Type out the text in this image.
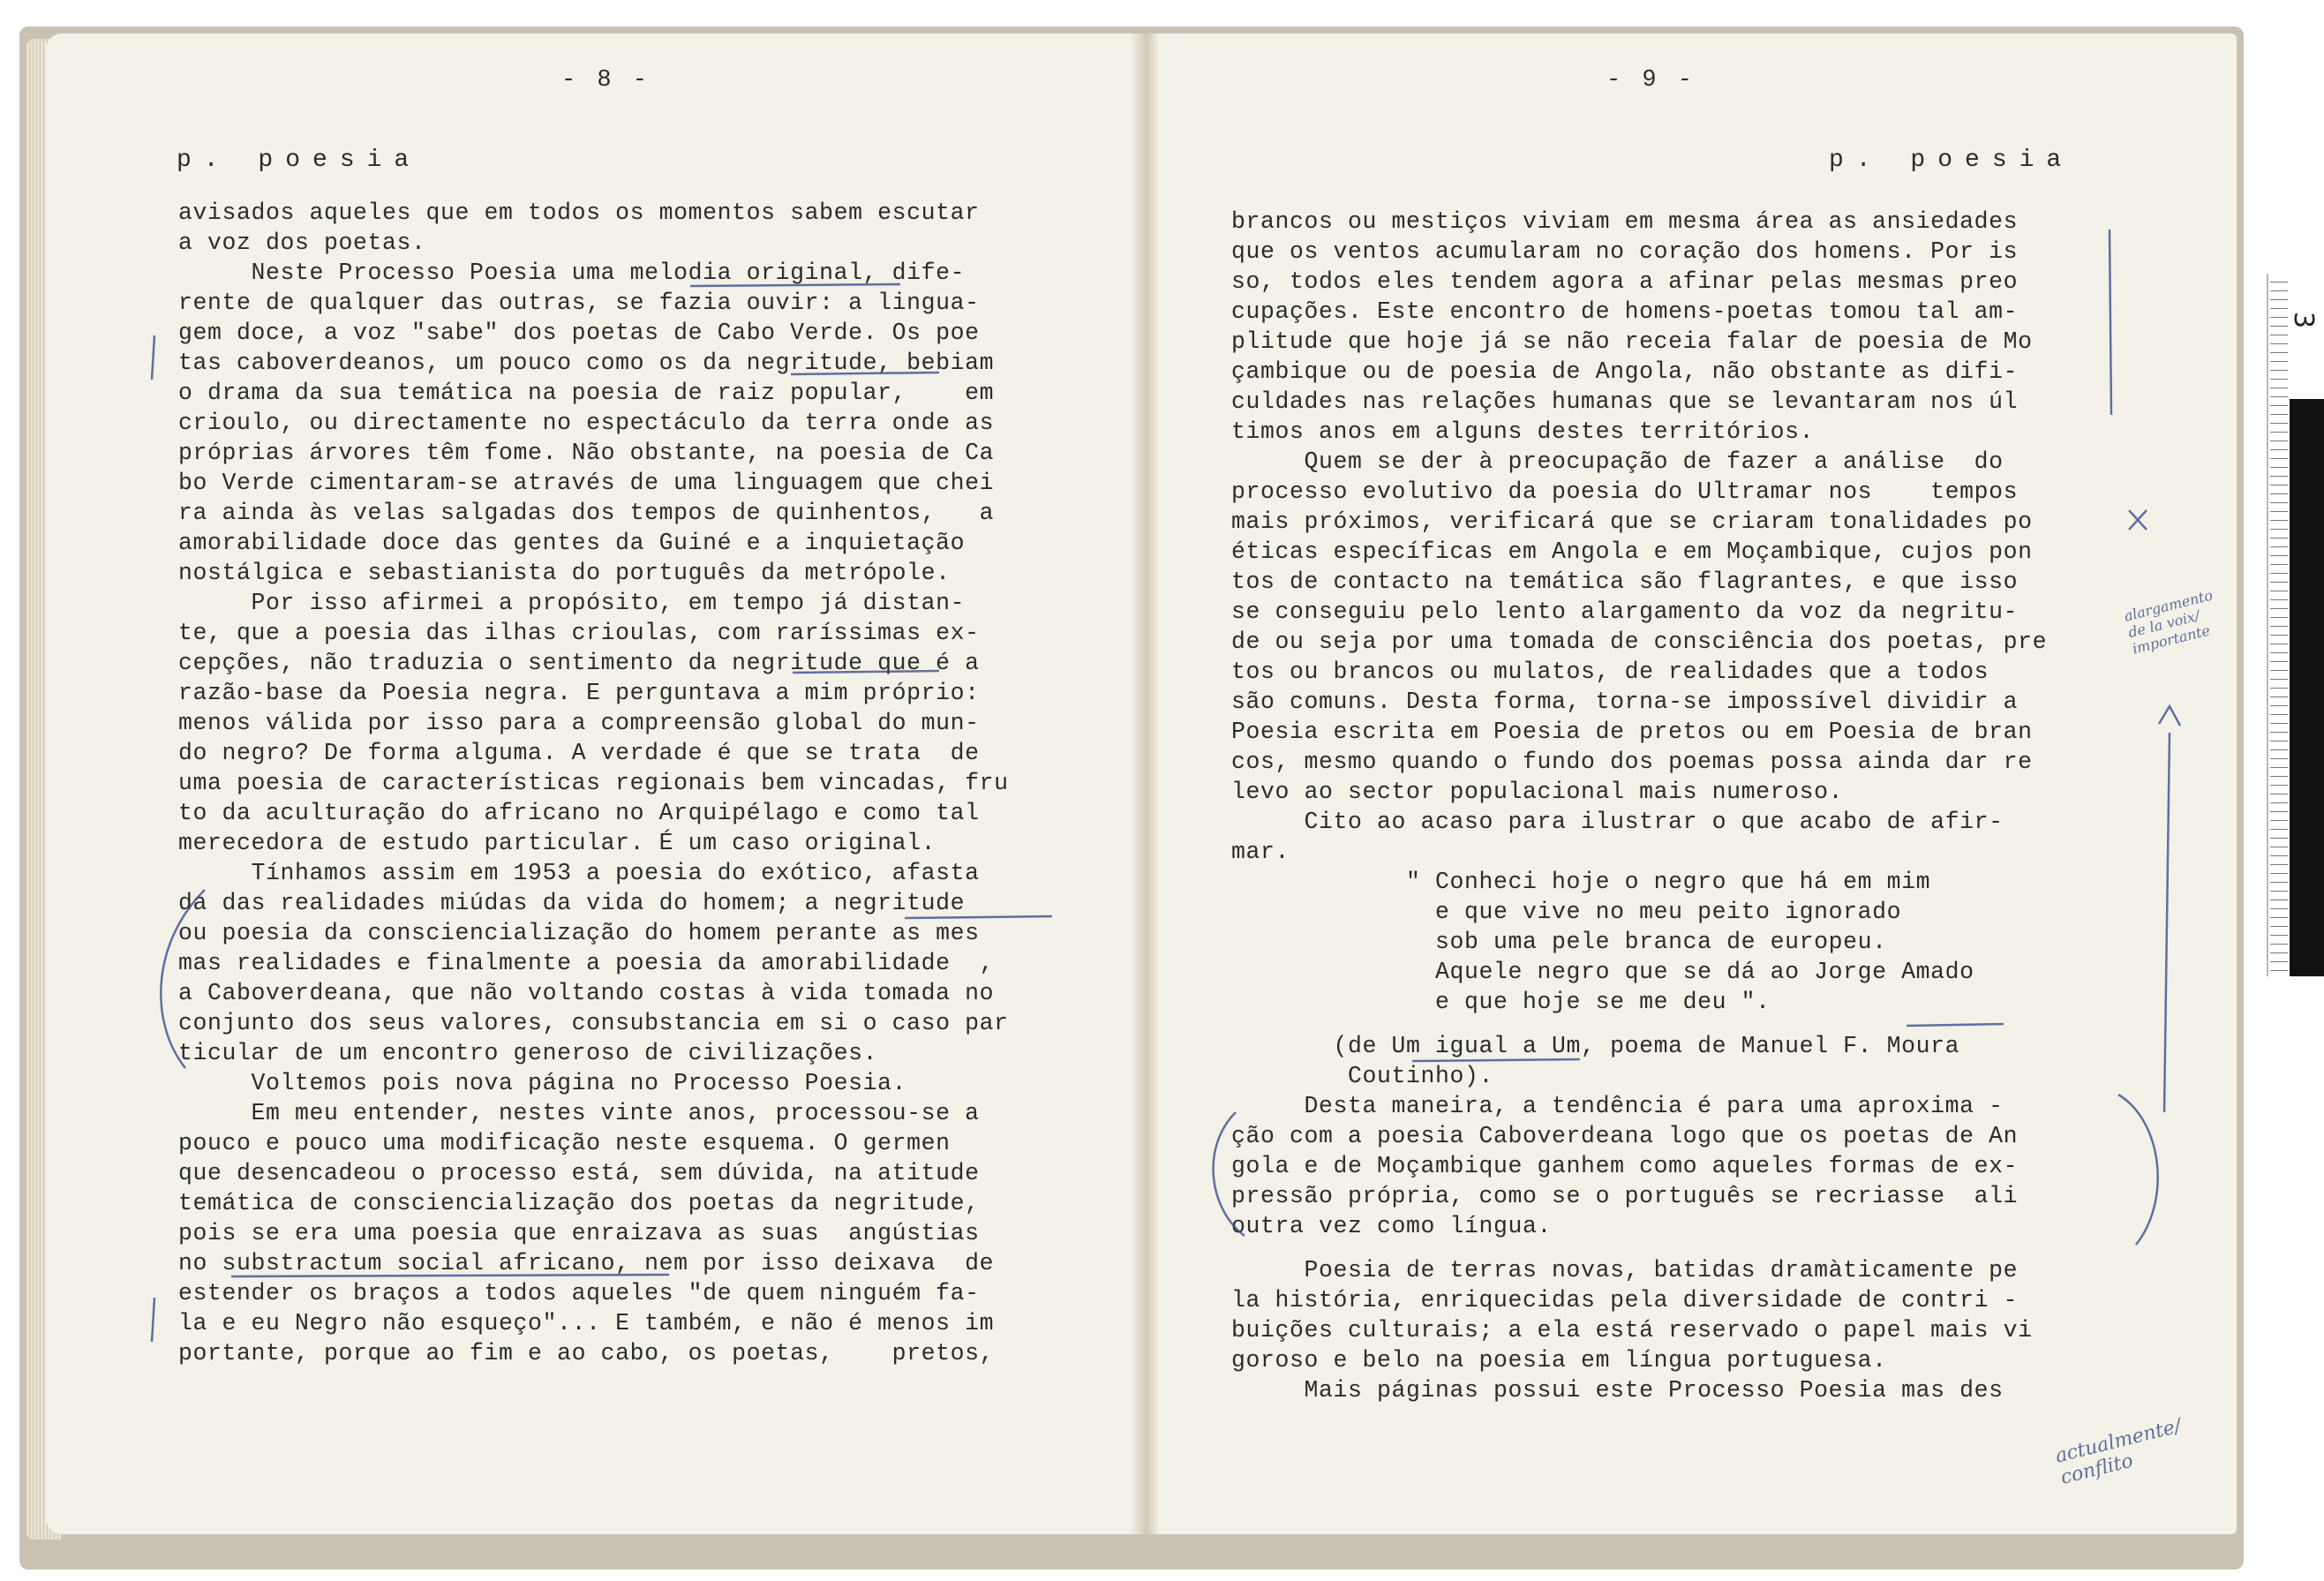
- 8 -
p. poesia
avisados aqueles que em todos os momentos sabem escutar
a voz dos poetas.
Neste Processo Poesia uma melodia original, dife-
rente de qualquer das outras, se fazia ouvir: a lingua-
gem doce, a voz "sabe" dos poetas de Cabo Verde. Os poe
tas caboverdeanos, um pouco como os da negritude, bebiam
o drama da sua temática na poesia de raiz popular,    em
crioulo, ou directamente no espectáculo da terra onde as
próprias árvores têm fome. Não obstante, na poesia de Ca
bo Verde cimentaram-se através de uma linguagem que chei
ra ainda às velas salgadas dos tempos de quinhentos,   a
amorabilidade doce das gentes da Guiné e a inquietação
nostálgica e sebastianista do português da metrópole.
Por isso afirmei a propósito, em tempo já distan-
te, que a poesia das ilhas crioulas, com raríssimas ex-
cepções, não traduzia o sentimento da negritude que é a
razão-base da Poesia negra. E perguntava a mim próprio:
menos válida por isso para a compreensão global do mun-
do negro? De forma alguma. A verdade é que se trata  de
uma poesia de características regionais bem vincadas, fru
to da aculturação do africano no Arquipélago e como tal
merecedora de estudo particular. É um caso original.
Tínhamos assim em 1953 a poesia do exótico, afasta
da das realidades miúdas da vida do homem; a negritude
ou poesia da consciencialização do homem perante as mes
mas realidades e finalmente a poesia da amorabilidade  ,
a Caboverdeana, que não voltando costas à vida tomada no
conjunto dos seus valores, consubstancia em si o caso par
ticular de um encontro generoso de civilizações.
Voltemos pois nova página no Processo Poesia.
Em meu entender, nestes vinte anos, processou-se a
pouco e pouco uma modificação neste esquema. O germen
que desencadeou o processo está, sem dúvida, na atitude
temática de consciencialização dos poetas da negritude,
pois se era uma poesia que enraizava as suas  angústias
no substractum social africano, nem por isso deixava  de
estender os braços a todos aqueles "de quem ninguém fa-
la e eu Negro não esqueço"... E também, e não é menos im
portante, porque ao fim e ao cabo, os poetas,    pretos,
- 9 -
p. poesia
brancos ou mestiços viviam em mesma área as ansiedades
que os ventos acumularam no coração dos homens. Por is
so, todos eles tendem agora a afinar pelas mesmas preo
cupações. Este encontro de homens-poetas tomou tal am-
plitude que hoje já se não receia falar de poesia de Mo
çambique ou de poesia de Angola, não obstante as difi-
culdades nas relações humanas que se levantaram nos úl
timos anos em alguns destes territórios.
Quem se der à preocupação de fazer a análise  do
processo evolutivo da poesia do Ultramar nos    tempos
mais próximos, verificará que se criaram tonalidades po
éticas específicas em Angola e em Moçambique, cujos pon
tos de contacto na temática são flagrantes, e que isso
se conseguiu pelo lento alargamento da voz da negritu-
de ou seja por uma tomada de consciência dos poetas, pre
tos ou brancos ou mulatos, de realidades que a todos
são comuns. Desta forma, torna-se impossível dividir a
Poesia escrita em Poesia de pretos ou em Poesia de bran
cos, mesmo quando o fundo dos poemas possa ainda dar re
levo ao sector populacional mais numeroso.
Cito ao acaso para ilustrar o que acabo de afir-
mar.
" Conheci hoje o negro que há em mim
e que vive no meu peito ignorado
sob uma pele branca de europeu.
Aquele negro que se dá ao Jorge Amado
e que hoje se me deu ".
(de Um igual a Um, poema de Manuel F. Moura
Coutinho).
Desta maneira, a tendência é para uma aproxima -
ção com a poesia Caboverdeana logo que os poetas de An
gola e de Moçambique ganhem como aqueles formas de ex-
pressão própria, como se o português se recriasse  ali
outra vez como língua.
Poesia de terras novas, batidas dramàticamente pe
la história, enriquecidas pela diversidade de contri -
buições culturais; a ela está reservado o papel mais vi
goroso e belo na poesia em língua portuguesa.
Mais páginas possui este Processo Poesia mas des
alargamento
de la voix/
importante
actualmente/
conflito
3
